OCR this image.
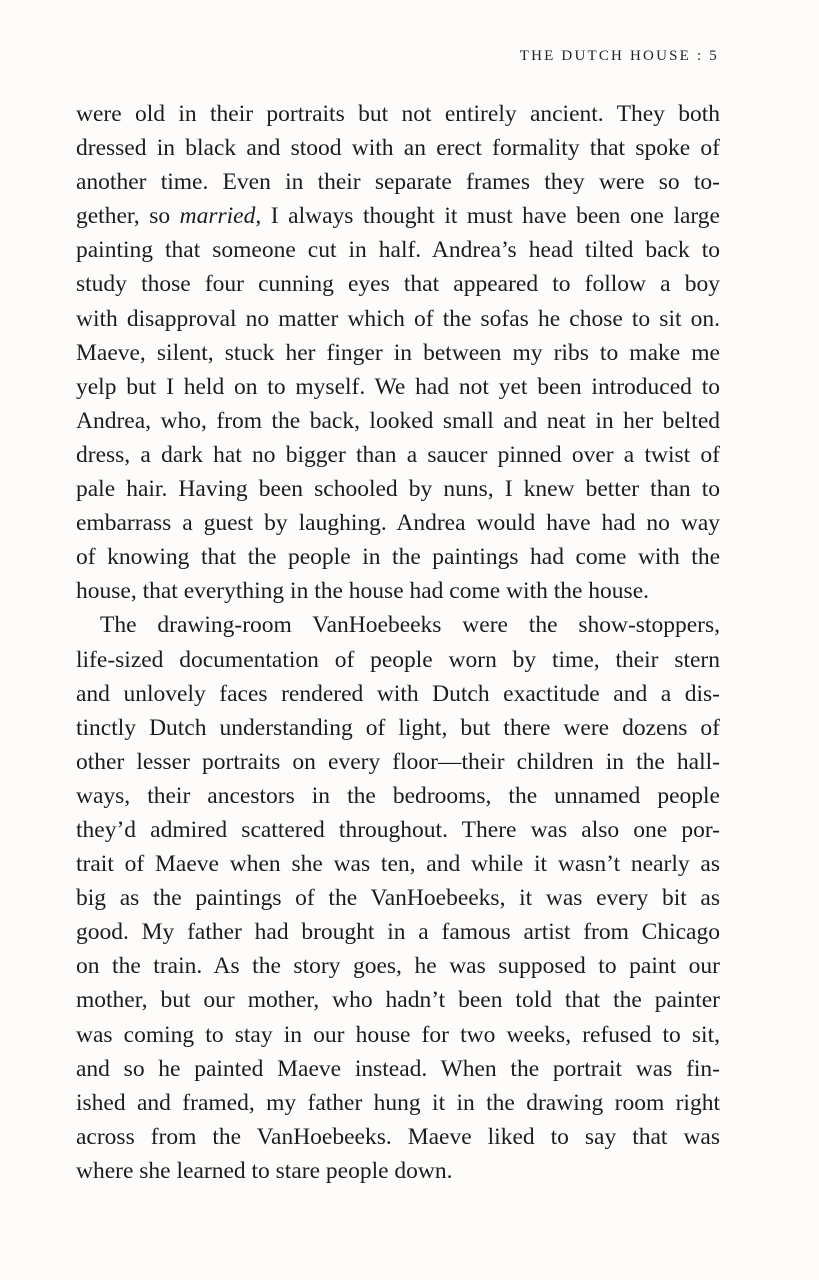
THE DUTCH HOUSE : 5

were old in their portraits but not entirely ancient. They both
dressed in black and stood with an erect formality that spoke of
another time. Even in their separate frames they were so to-
gether, so married, I always thought it must have been one large
painting that someone cut in half. Andrea’s head tilted back to
study those four cunning eyes that appeared to follow a boy
with disapproval no matter which of the sofas he chose to sit on.
Maeve, silent, stuck her finger in between my ribs to make me
yelp but I held on to myself. We had not yet been introduced to
Andrea, who, from the back, looked small and neat in her belted
dress, a dark hat no bigger than a saucer pinned over a twist of
pale hair. Having been schooled by nuns, I knew better than to
embarrass a guest by laughing. Andrea would have had no way
of knowing that the people in the paintings had come with the
house, that everything in the house had come with the house.

The drawing-room VanHoebeeks were the show-stoppers,
life-sized documentation of people worn by time, their stern
and unlovely faces rendered with Dutch exactitude and a dis-
tinctly Dutch understanding of light, but there were dozens of
other lesser portraits on every floor—their children in the hall-
ways, their ancestors in the bedrooms, the unnamed people
they’d admired scattered throughout. There was also one por-
trait of Maeve when she was ten, and while it wasn’t nearly as
big as the paintings of the VanHoebeeks, it was every bit as
good. My father had brought in a famous artist from Chicago
on the train. As the story goes, he was supposed to paint our
mother, but our mother, who hadn’t been told that the painter
was coming to stay in our house for two weeks, refused to sit,
and so he painted Maeve instead. When the portrait was fin-
ished and framed, my father hung it in the drawing room right
across from the VanHoebeeks. Maeve liked to say that was
where she learned to stare people down.
